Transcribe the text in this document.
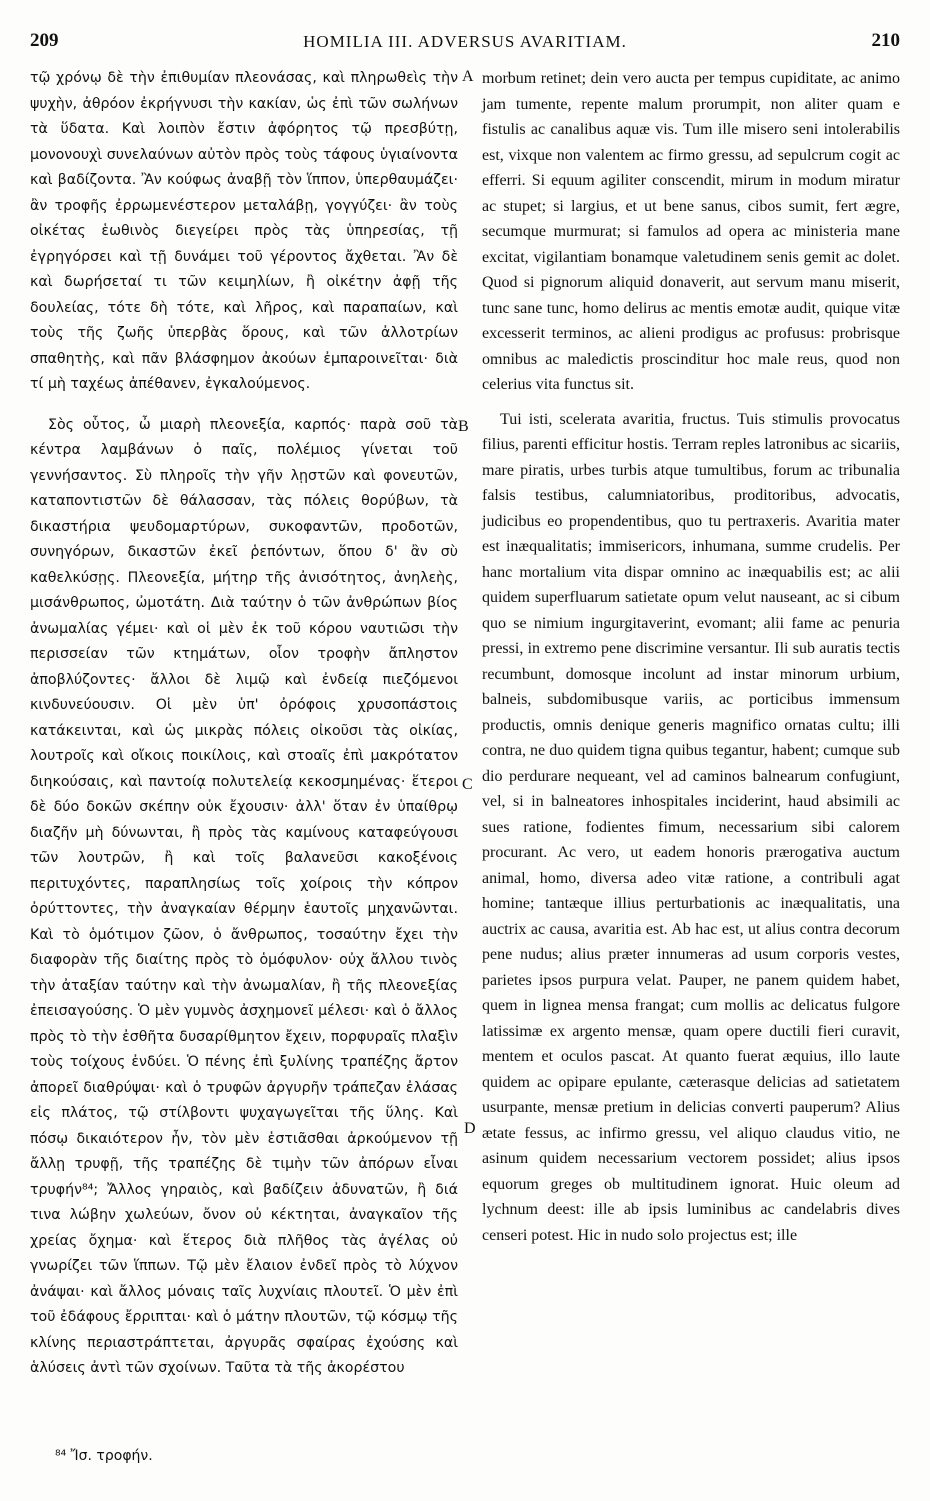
209	HOMILIA III. ADVERSUS AVARITIAM.	210

τῷ χρόνῳ δὲ τὴν ἐπιθυμίαν πλεονάσας, καὶ πληρωθεὶς τὴν ψυχὴν, ἀθρόον ἐκρήγνυσι τὴν κακίαν, ὡς ἐπὶ τῶν σωλήνων τὰ ὕδατα. Καὶ λοιπὸν ἔστιν ἀφόρητος τῷ πρεσβύτῃ, μονονουχὶ συνελαύνων αὐτὸν πρὸς τοὺς τάφους ὑγιαίνοντα καὶ βαδίζοντα. Ἂν κούφως ἀναβῇ τὸν ἵππον, ὑπερθαυμάζει· ἂν τροφῆς ἐρρωμενέστερον μεταλάβῃ, γογγύζει· ἂν τοὺς οἰκέτας ἑωθινὸς διεγείρει πρὸς τὰς ὑπηρεσίας, τῇ ἐγρηγόρσει καὶ τῇ δυνάμει τοῦ γέροντος ἄχθεται. Ἂν δὲ καὶ δωρήσεταί τι τῶν κειμηλίων, ἢ οἰκέτην ἀφῇ τῆς δουλείας, τότε δὴ τότε, καὶ λῆρος, καὶ παραπαίων, καὶ τοὺς τῆς ζωῆς ὑπερβὰς ὅρους, καὶ τῶν ἀλλοτρίων σπαθητὴς, καὶ πᾶν βλάσφημον ἀκούων ἐμπαροινεῖται· διὰ τί μὴ ταχέως ἀπέθανεν, ἐγκαλούμενος.

Σὸς οὗτος, ὦ μιαρὴ πλεονεξία, καρπός· παρὰ σοῦ τὰ κέντρα λαμβάνων ὁ παῖς, πολέμιος γίνεται τοῦ γεννήσαντος. Σὺ πληροῖς τὴν γῆν λῃστῶν καὶ φονευτῶν, καταποντιστῶν δὲ θάλασσαν, τὰς πόλεις θορύβων, τὰ δικαστήρια ψευδομαρτύρων, συκοφαντῶν, προδοτῶν, συνηγόρων, δικαστῶν ἐκεῖ ῥεπόντων, ὅπου δ' ἂν σὺ καθελκύσῃς. Πλεονεξία, μήτηρ τῆς ἀνισότητος, ἀνηλεὴς, μισάνθρωπος, ὠμοτάτη. Διὰ ταύτην ὁ τῶν ἀνθρώπων βίος ἀνωμαλίας γέμει· καὶ οἱ μὲν ἐκ τοῦ κόρου ναυτιῶσι τὴν περισσείαν τῶν κτημάτων, οἷον τροφὴν ἄπληστον ἀποβλύζοντες· ἄλλοι δὲ λιμῷ καὶ ἐνδείᾳ πιεζόμενοι κινδυνεύουσιν. Οἱ μὲν ὑπ' ὀρόφοις χρυσοπάστοις κατάκεινται, καὶ ὡς μικρὰς πόλεις οἰκοῦσι τὰς οἰκίας, λουτροῖς καὶ οἴκοις ποικίλοις, καὶ στοαῖς ἐπὶ μακρότατον διηκούσαις, καὶ παντοίᾳ πολυτελείᾳ κεκοσμημένας· ἕτεροι δὲ δύο δοκῶν σκέπην οὐκ ἔχουσιν· ἀλλ' ὅταν ἐν ὑπαίθρῳ διαζῆν μὴ δύνωνται, ἢ πρὸς τὰς καμίνους καταφεύγουσι τῶν λουτρῶν, ἢ καὶ τοῖς βαλανεῦσι κακοξένοις περιτυχόντες, παραπλησίως τοῖς χοίροις τὴν κόπρον ὀρύττοντες, τὴν ἀναγκαίαν θέρμην ἑαυτοῖς μηχανῶνται. Καὶ τὸ ὁμότιμον ζῶον, ὁ ἄνθρωπος, τοσαύτην ἔχει τὴν διαφορὰν τῆς διαίτης πρὸς τὸ ὁμόφυλον· οὐχ ἄλλου τινὸς τὴν ἀταξίαν ταύτην καὶ τὴν ἀνωμαλίαν, ἢ τῆς πλεονεξίας ἐπεισαγούσης. Ὁ μὲν γυμνὸς ἀσχημονεῖ μέλεσι· καὶ ὁ ἄλλος πρὸς τὸ τὴν ἐσθῆτα δυσαρίθμητον ἔχειν, πορφυραῖς πλαξὶν τοὺς τοίχους ἐνδύει. Ὁ πένης ἐπὶ ξυλίνης τραπέζης ἄρτον ἀπορεῖ διαθρύψαι· καὶ ὁ τρυφῶν ἀργυρῆν τράπεζαν ἐλάσας εἰς πλάτος, τῷ στίλβοντι ψυχαγωγεῖται τῆς ὕλης. Καὶ πόσῳ δικαιότερον ἦν, τὸν μὲν ἑστιᾶσθαι ἀρκούμενον τῇ ἄλλῃ τρυφῇ, τῆς τραπέζης δὲ τιμὴν τῶν ἀπόρων εἶναι τρυφήν⁸⁴; Ἄλλος γηραιὸς, καὶ βαδίζειν ἀδυνατῶν, ἢ διά τινα λώβην χωλεύων, ὄνον οὐ κέκτηται, ἀναγκαῖον τῆς χρείας ὄχημα· καὶ ἕτερος διὰ πλῆθος τὰς ἀγέλας οὐ γνωρίζει τῶν ἵππων. Τῷ μὲν ἔλαιον ἐνδεῖ πρὸς τὸ λύχνον ἀνάψαι· καὶ ἄλλος μόναις ταῖς λυχνίαις πλουτεῖ. Ὁ μὲν ἐπὶ τοῦ ἐδάφους ἔρριπται· καὶ ὁ μάτην πλουτῶν, τῷ κόσμῳ τῆς κλίνης περιαστράπτεται, ἀργυρᾶς σφαίρας ἐχούσης καὶ ἁλύσεις ἀντὶ τῶν σχοίνων. Ταῦτα τὰ τῆς ἀκορέστου

A
B
C
D

morbum retinet; dein vero aucta per tempus cupiditate, ac animo jam tumente, repente malum prorumpit, non aliter quam e fistulis ac canalibus aquæ vis. Tum ille misero seni intolerabilis est, vixque non valentem ac firmo gressu, ad sepulcrum cogit ac efferri. Si equum agiliter conscendit, mirum in modum miratur ac stupet; si largius, et ut bene sanus, cibos sumit, fert ægre, secumque murmurat; si famulos ad opera ac ministeria mane excitat, vigilantiam bonamque valetudinem senis gemit ac dolet. Quod si pignorum aliquid donaverit, aut servum manu miserit, tunc sane tunc, homo delirus ac mentis emotæ audit, quique vitæ excesserit terminos, ac alieni prodigus ac profusus: probrisque omnibus ac maledictis proscinditur hoc male reus, quod non celerius vita functus sit.

Tui isti, scelerata avaritia, fructus. Tuis stimulis provocatus filius, parenti efficitur hostis. Terram reples latronibus ac sicariis, mare piratis, urbes turbis atque tumultibus, forum ac tribunalia falsis testibus, calumniatoribus, proditoribus, advocatis, judicibus eo propendentibus, quo tu pertraxeris. Avaritia mater est inæqualitatis; immisericors, inhumana, summe crudelis. Per hanc mortalium vita dispar omnino ac inæquabilis est; ac alii quidem superfluarum satietate opum velut nauseant, ac si cibum quo se nimium ingurgitaverint, evomant; alii fame ac penuria pressi, in extremo pene discrimine versantur. Ili sub auratis tectis recumbunt, domosque incolunt ad instar minorum urbium, balneis, subdomibusque variis, ac porticibus immensum productis, omnis denique generis magnifico ornatas cultu; illi contra, ne duo quidem tigna quibus tegantur, habent; cumque sub dio perdurare nequeant, vel ad caminos balnearum confugiunt, vel, si in balneatores inhospitales inciderint, haud absimili ac sues ratione, fodientes fimum, necessarium sibi calorem procurant. Ac vero, ut eadem honoris prærogativa auctum animal, homo, diversa adeo vitæ ratione, a contribuli agat homine; tantæque illius perturbationis ac inæqualitatis, una auctrix ac causa, avaritia est. Ab hac est, ut alius contra decorum pene nudus; alius præter innumeras ad usum corporis vestes, parietes ipsos purpura velat. Pauper, ne panem quidem habet, quem in lignea mensa frangat; cum mollis ac delicatus fulgore latissimæ ex argento mensæ, quam opere ductili fieri curavit, mentem et oculos pascat. At quanto fuerat æquius, illo laute quidem ac opipare epulante, cæterasque delicias ad satietatem usurpante, mensæ pretium in delicias converti pauperum? Alius ætate fessus, ac infirmo gressu, vel aliquo claudus vitio, ne asinum quidem necessarium vectorem possidet; alius ipsos equorum greges ob multitudinem ignorat. Huic oleum ad lychnum deest: ille ab ipsis luminibus ac candelabris dives censeri potest. Hic in nudo solo projectus est; ille

⁸⁴ Ἴσ. τροφήν.
